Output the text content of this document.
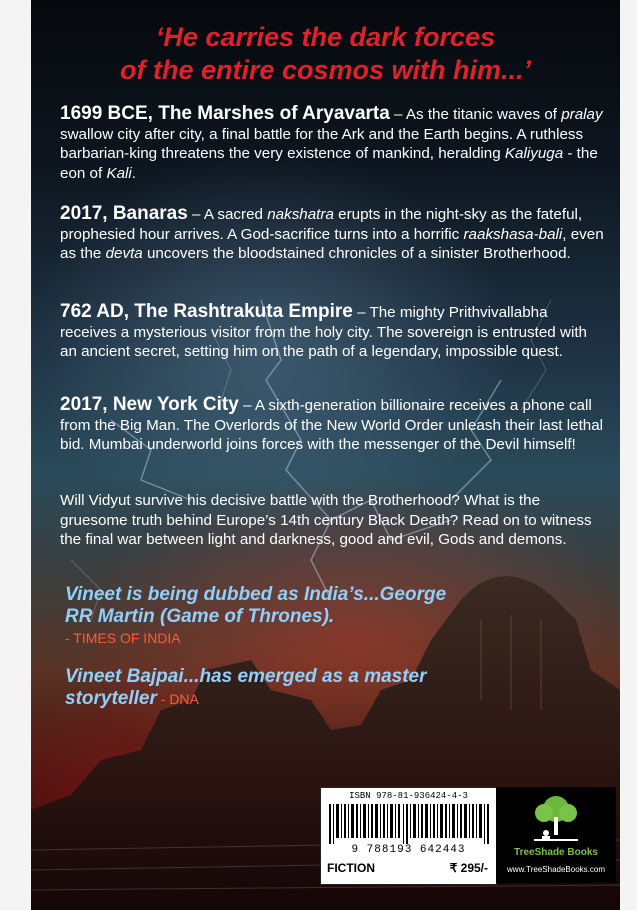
‘He carries the dark forces

of the entire cosmos with him...’

1699 BCE, The Marshes of Aryavarta – As the titanic waves of pralay swallow city after city, a final battle for the Ark and the Earth begins. A ruthless barbarian-king threatens the very existence of mankind, heralding Kaliyuga - the eon of Kali.

2017, Banaras – A sacred nakshatra erupts in the night-sky as the fateful, prophesied hour arrives. A God-sacrifice turns into a horrific raakshasa-bali, even as the devta uncovers the bloodstained chronicles of a sinister Brotherhood.

762 AD, The Rashtrakuta Empire – The mighty Prithvivallabha receives a mysterious visitor from the holy city. The sovereign is entrusted with an ancient secret, setting him on the path of a legendary, impossible quest.

2017, New York City – A sixth-generation billionaire receives a phone call from the Big Man. The Overlords of the New World Order unleash their last lethal bid. Mumbai underworld joins forces with the messenger of the Devil himself!

Will Vidyut survive his decisive battle with the Brotherhood? What is the gruesome truth behind Europe’s 14th century Black Death? Read on to witness the final war between light and darkness, good and evil, Gods and demons.

Vineet is being dubbed as India’s...George
RR Martin (Game of Thrones).

- TIMES OF INDIA

Vineet Bajpai...has emerged as a master
storyteller - DNA

ISBN 978-81-936424-4-3
9 788193 642443
FICTION	₹ 295/-
TreeShade Books
www.TreeShadeBooks.com
